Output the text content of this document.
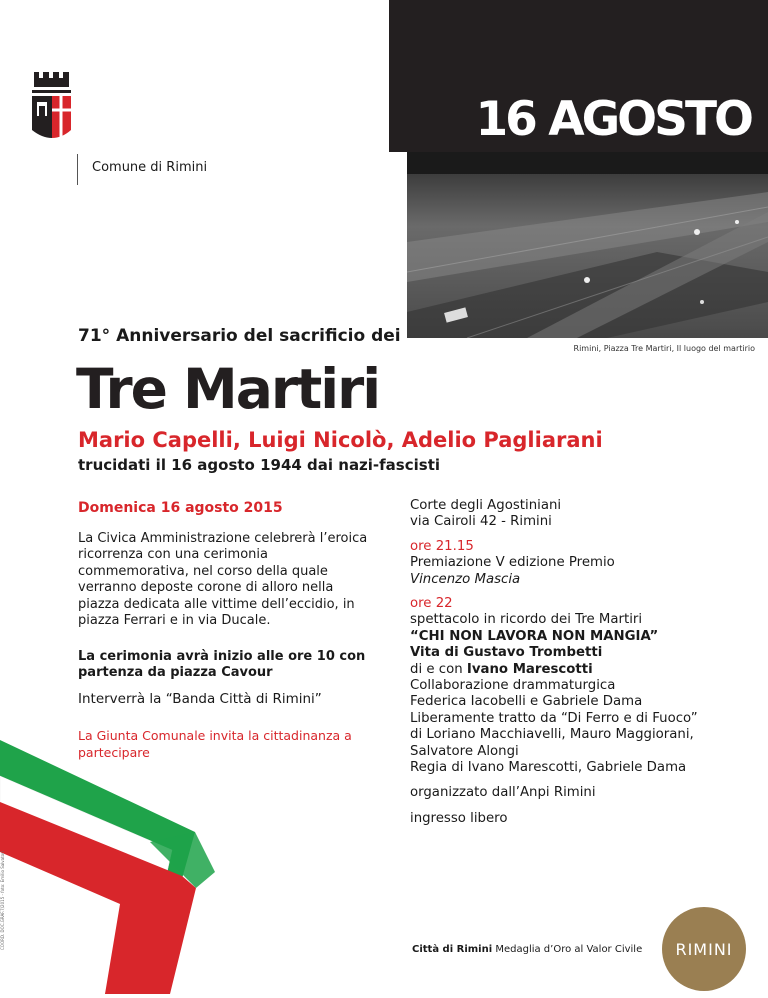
16 AGOSTO
Rimini, Piazza Tre Martiri, Il luogo del martirio
Comune di Rimini
71° Anniversario del sacrificio dei
Tre Martiri
Mario Capelli, Luigi Nicolò, Adelio Pagliarani
trucidati il 16 agosto 1944 dai nazi-fascisti

Domenica 16 agosto 2015

La Civica Amministrazione celebrerà l’eroica ricorrenza con una cerimonia commemorativa, nel corso della quale verranno deposte corone di alloro nella piazza dedicata alle vittime dell’eccidio, in piazza Ferrari e in via Ducale.

La cerimonia avrà inizio alle ore 10 con partenza da piazza Cavour

Interverrà la “Banda Città di Rimini”

La Giunta Comunale invita la cittadinanza a partecipare

Corte degli Agostiniani

via Cairoli 42 - Rimini

ore 21.15

Premiazione V edizione Premio

Vincenzo Mascia

ore 22

spettacolo in ricordo dei Tre Martiri

“CHI NON LAVORA NON MANGIA”

Vita di Gustavo Trombetti

di e con Ivano Marescotti

Collaborazione drammaturgica

Federica Iacobelli e Gabriele Dama

Liberamente tratto da “Di Ferro e di Fuoco”

di Loriano Macchiavelli, Mauro Maggiorani,

Salvatore Alongi

Regia di Ivano Marescotti, Gabriele Dama

organizzato dall’Anpi Rimini

ingresso libero

COORD. DOC.GRAF.7/2015 - foto: Emilio Salvatori	Città di Rimini Medaglia d’Oro al Valor Civile	RIMINI
